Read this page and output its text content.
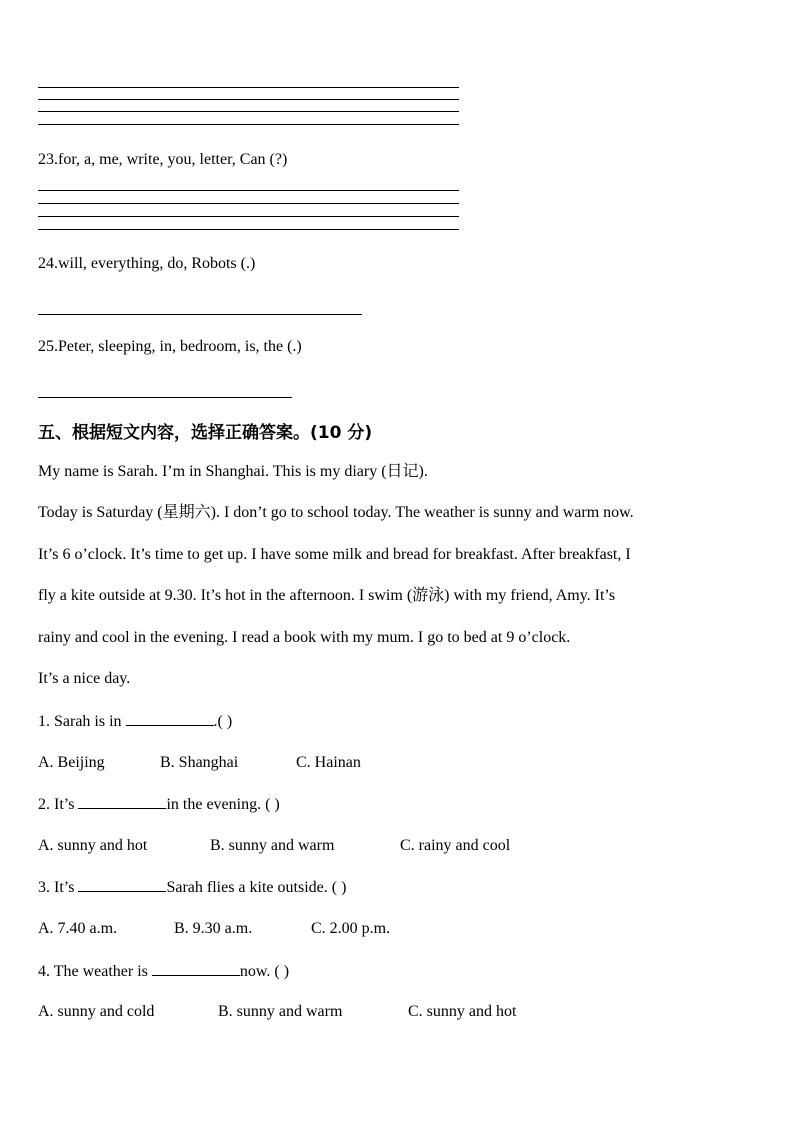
23.for, a, me, write, you, letter, Can (?)
24.will, everything, do, Robots (.)
25.Peter, sleeping, in, bedroom, is, the (.)
五、根据短文内容，选择正确答案。(10 分)
My name is Sarah. I’m in Shanghai. This is my diary (日记).
Today is Saturday (星期六). I don’t go to school today. The weather is sunny and warm now.
It’s 6 o’clock. It’s time to get up. I have some milk and bread for breakfast. After breakfast, I
fly a kite outside at 9.30. It’s hot in the afternoon. I swim (游泳) with my friend, Amy. It’s
rainy and cool in the evening. I read a book with my mum. I go to bed at 9 o’clock.
It’s a nice day.
1. Sarah is in	.( )
A. Beijing	B. Shanghai	C. Hainan
2. It’s	in the evening. ( )
A. sunny and hot	B. sunny and warm	C. rainy and cool
3. It’s	Sarah flies a kite outside. ( )
A. 7.40 a.m.	B. 9.30 a.m.	C. 2.00 p.m.
4. The weather is	now. ( )
A. sunny and cold	B. sunny and warm	C. sunny and hot
